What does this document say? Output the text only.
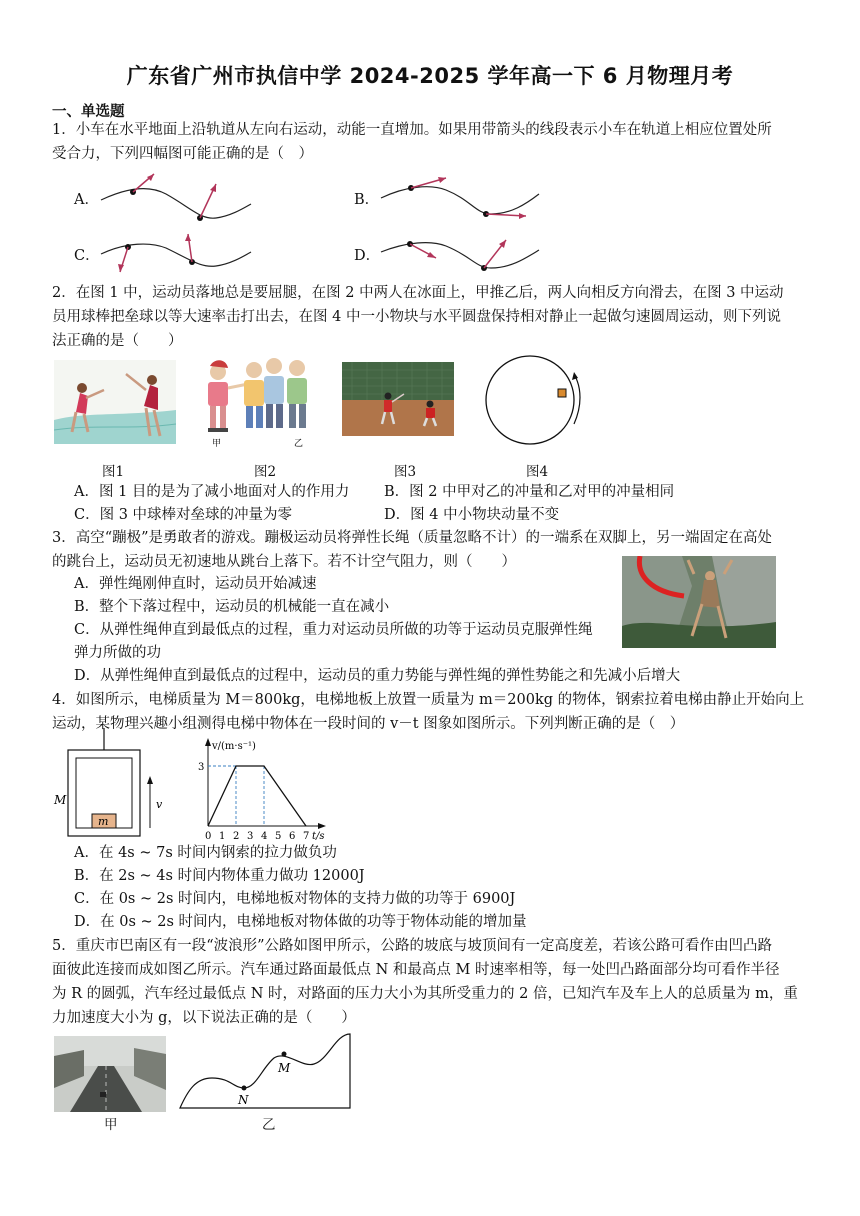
广东省广州市执信中学 2024-2025 学年高一下 6 月物理月考
一、单选题
1．小车在水平地面上沿轨道从左向右运动，动能一直增加。如果用带箭头的线段表示小车在轨道上相应位置处所
受合力，下列四幅图可能正确的是（　）
A．	B．
C．	D．
2．在图 1 中，运动员落地总是要屈腿，在图 2 中两人在冰面上，甲推乙后，两人向相反方向滑去，在图 3 中运动
员用球棒把垒球以等大速率击打出去，在图 4 中一小物块与水平圆盘保持相对静止一起做匀速圆周运动，则下列说
法正确的是（　　）
甲	乙
图1	图2	图3	图4
A．图 1 目的是为了减小地面对人的作用力 B．图 2 中甲对乙的冲量和乙对甲的冲量相同
C．图 3 中球棒对垒球的冲量为零	D．图 4 中小物块动量不变
3．高空“蹦极”是勇敢者的游戏。蹦极运动员将弹性长绳（质量忽略不计）的一端系在双脚上，另一端固定在高处
的跳台上，运动员无初速地从跳台上落下。若不计空气阻力，则（　　）
A．弹性绳刚伸直时，运动员开始减速
B．整个下落过程中，运动员的机械能一直在减小
C．从弹性绳伸直到最低点的过程，重力对运动员所做的功等于运动员克服弹性绳
弹力所做的功
D．从弹性绳伸直到最低点的过程中，运动员的重力势能与弹性绳的弹性势能之和先减小后增大
4．如图所示，电梯质量为 M＝800kg，电梯地板上放置一质量为 m＝200kg 的物体，钢索拉着电梯由静止开始向上
运动，某物理兴趣小组测得电梯中物体在一段时间的 v－t 图象如图所示。下列判断正确的是（　）
m
M	v
v/(m·s⁻¹)
t/s
0 1 2 3 4 5 6 7
3
A．在 4s ~ 7s 时间内钢索的拉力做负功
B．在 2s ~ 4s 时间内物体重力做功 12000J
C．在 0s ~ 2s 时间内，电梯地板对物体的支持力做的功等于 6900J
D．在 0s ~ 2s 时间内，电梯地板对物体做的功等于物体动能的增加量
5．重庆市巴南区有一段“波浪形”公路如图甲所示，公路的坡底与坡顶间有一定高度差，若该公路可看作由凹凸路
面彼此连接而成如图乙所示。汽车通过路面最低点 N 和最高点 M 时速率相等，每一处凹凸路面部分均可看作半径
为 R 的圆弧，汽车经过最低点 N 时，对路面的压力大小为其所受重力的 2 倍，已知汽车及车上人的总质量为 m，重
力加速度大小为 g，以下说法正确的是（　　）
甲
N
M
乙
